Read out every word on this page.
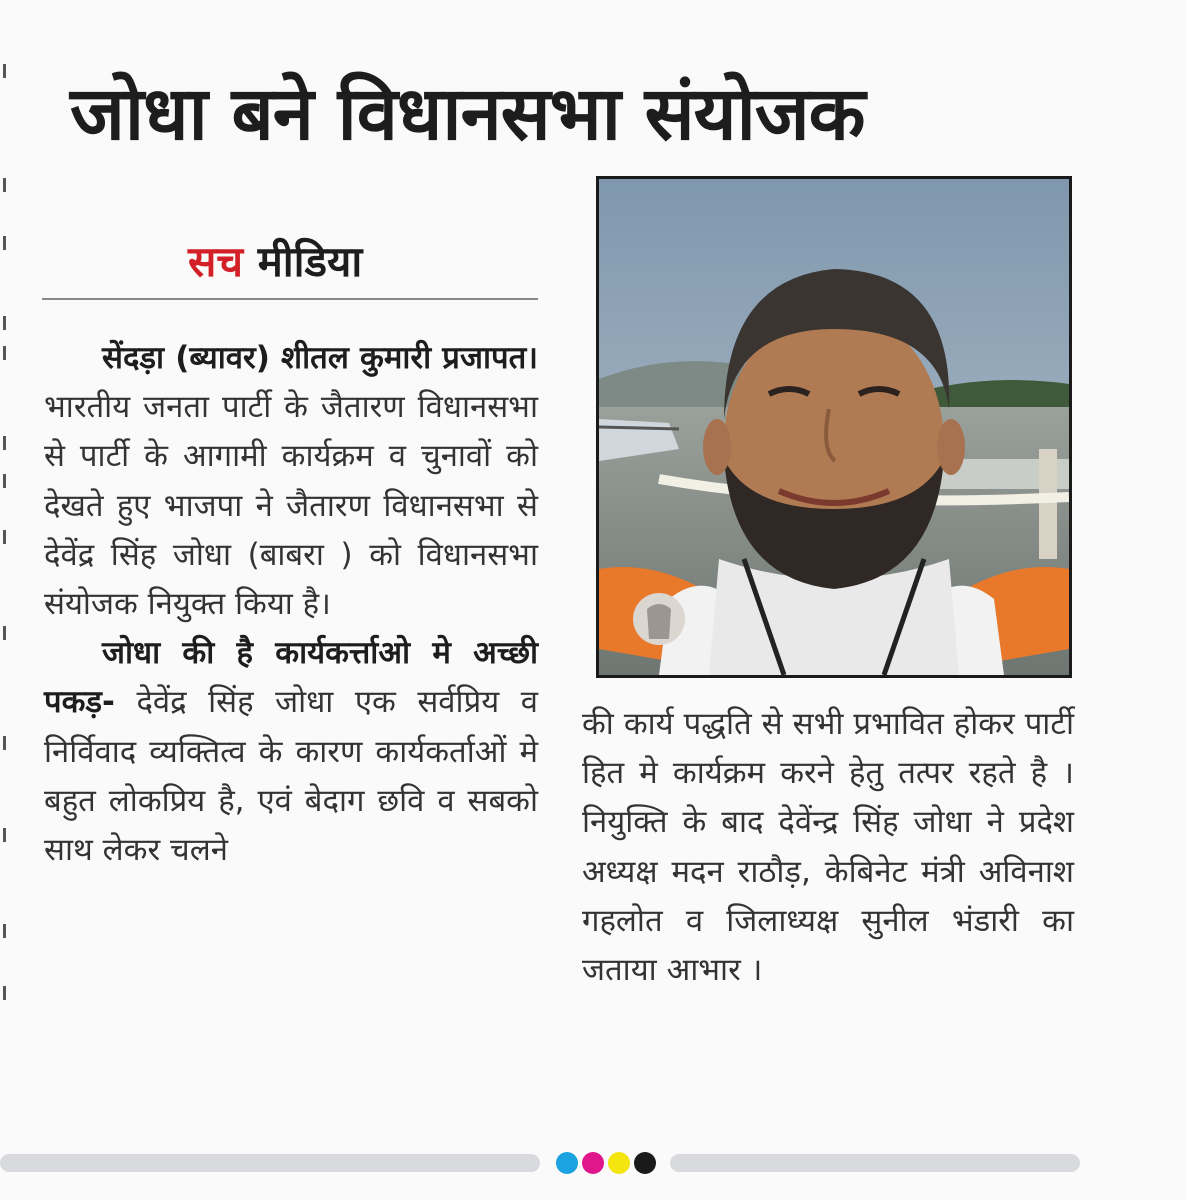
जोधा बने विधानसभा संयोजक
सच मीडिया

सेंदड़ा (ब्यावर) शीतल कुमारी प्रजापत। भारतीय जनता पार्टी के जैतारण विधानसभा से पार्टी के आगामी कार्यक्रम व चुनावों को देखते हुए भाजपा ने जैतारण विधानसभा से देवेंद्र सिंह जोधा (बाबरा ) को विधानसभा संयोजक नियुक्त किया है।

जोधा की है कार्यकर्त्ताओ मे अच्छी पकड़- देवेंद्र सिंह जोधा एक सर्वप्रिय व निर्विवाद व्यक्तित्व के कारण कार्यकर्ताओं मे बहुत लोकप्रिय है, एवं बेदाग छवि व सबको साथ लेकर चलने

की कार्य पद्धति से सभी प्रभावित होकर पार्टी हित मे कार्यक्रम करने हेतु तत्पर रहते है । नियुक्ति के बाद देवेंन्द्र सिंह जोधा ने प्रदेश अध्यक्ष मदन राठौड़, केबिनेट मंत्री अविनाश गहलोत व जिलाध्यक्ष सुनील भंडारी का जताया आभार ।
